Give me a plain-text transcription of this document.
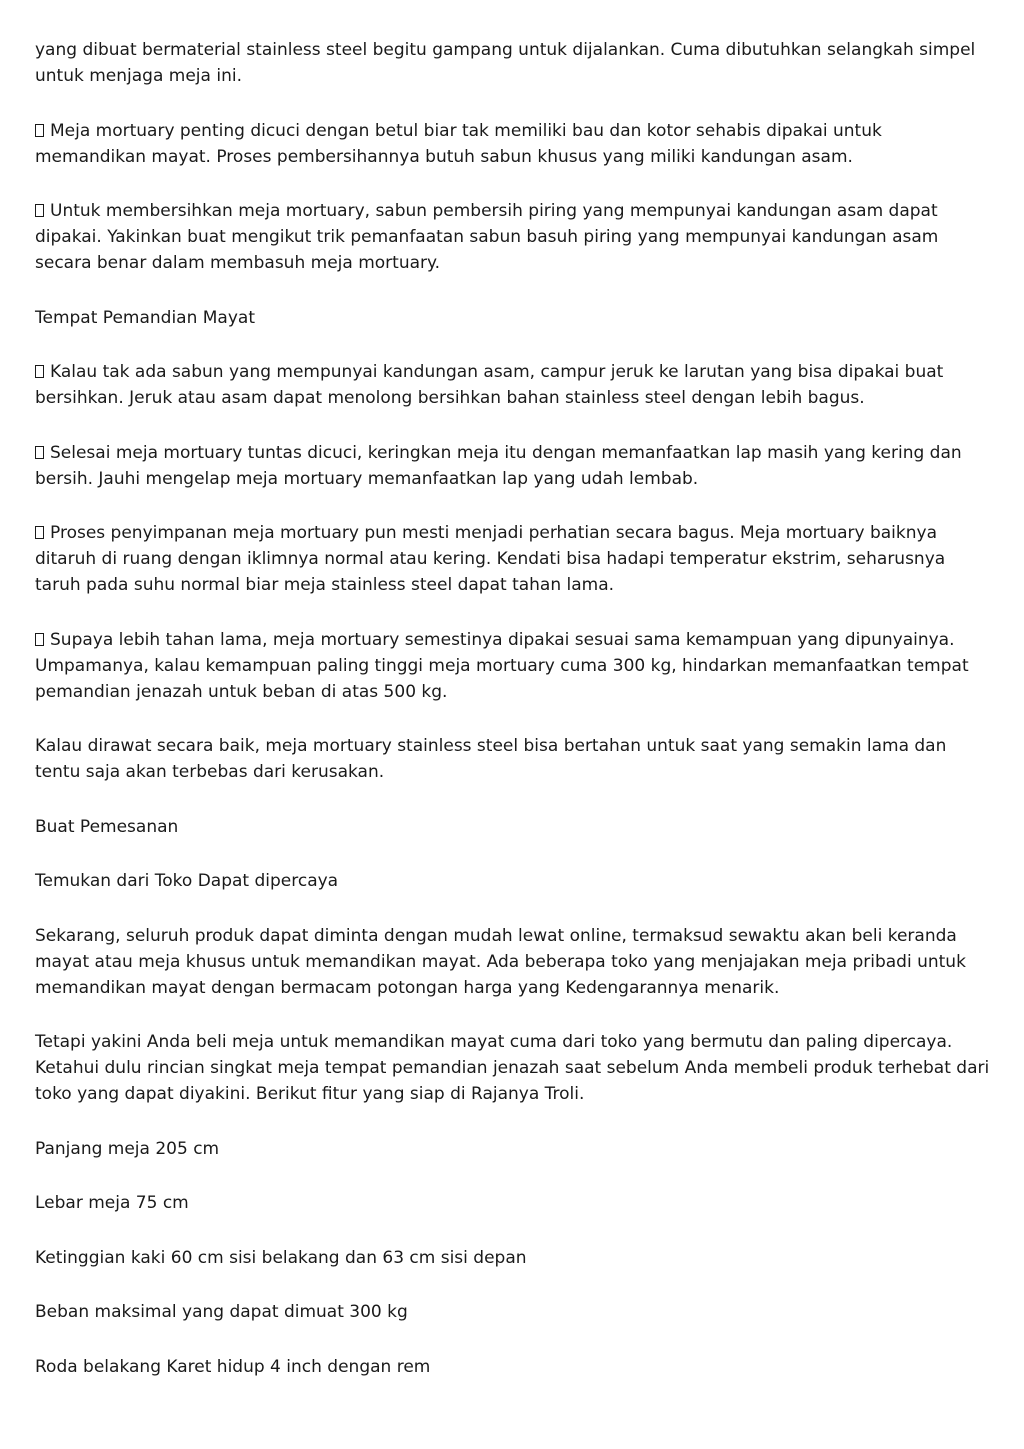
yang dibuat bermaterial stainless steel begitu gampang untuk dijalankan. Cuma dibutuhkan selangkah simpel untuk menjaga meja ini.

Meja mortuary penting dicuci dengan betul biar tak memiliki bau dan kotor sehabis dipakai untuk memandikan mayat. Proses pembersihannya butuh sabun khusus yang miliki kandungan asam.

Untuk membersihkan meja mortuary, sabun pembersih piring yang mempunyai kandungan asam dapat dipakai. Yakinkan buat mengikut trik pemanfaatan sabun basuh piring yang mempunyai kandungan asam secara benar dalam membasuh meja mortuary.

Tempat Pemandian Mayat

Kalau tak ada sabun yang mempunyai kandungan asam, campur jeruk ke larutan yang bisa dipakai buat bersihkan. Jeruk atau asam dapat menolong bersihkan bahan stainless steel dengan lebih bagus.

Selesai meja mortuary tuntas dicuci, keringkan meja itu dengan memanfaatkan lap masih yang kering dan bersih. Jauhi mengelap meja mortuary memanfaatkan lap yang udah lembab.

Proses penyimpanan meja mortuary pun mesti menjadi perhatian secara bagus. Meja mortuary baiknya ditaruh di ruang dengan iklimnya normal atau kering. Kendati bisa hadapi temperatur ekstrim, seharusnya taruh pada suhu normal biar meja stainless steel dapat tahan lama.

Supaya lebih tahan lama, meja mortuary semestinya dipakai sesuai sama kemampuan yang dipunyainya. Umpamanya, kalau kemampuan paling tinggi meja mortuary cuma 300 kg, hindarkan memanfaatkan tempat pemandian jenazah untuk beban di atas 500 kg.

Kalau dirawat secara baik, meja mortuary stainless steel bisa bertahan untuk saat yang semakin lama dan tentu saja akan terbebas dari kerusakan.

Buat Pemesanan

Temukan dari Toko Dapat dipercaya

Sekarang, seluruh produk dapat diminta dengan mudah lewat online, termaksud sewaktu akan beli keranda mayat atau meja khusus untuk memandikan mayat. Ada beberapa toko yang menjajakan meja pribadi untuk memandikan mayat dengan bermacam potongan harga yang Kedengarannya menarik.

Tetapi yakini Anda beli meja untuk memandikan mayat cuma dari toko yang bermutu dan paling dipercaya. Ketahui dulu rincian singkat meja tempat pemandian jenazah saat sebelum Anda membeli produk terhebat dari toko yang dapat diyakini. Berikut fitur yang siap di Rajanya Troli.

Panjang meja 205 cm

Lebar meja 75 cm

Ketinggian kaki 60 cm sisi belakang dan 63 cm sisi depan

Beban maksimal yang dapat dimuat 300 kg

Roda belakang Karet hidup 4 inch dengan rem
